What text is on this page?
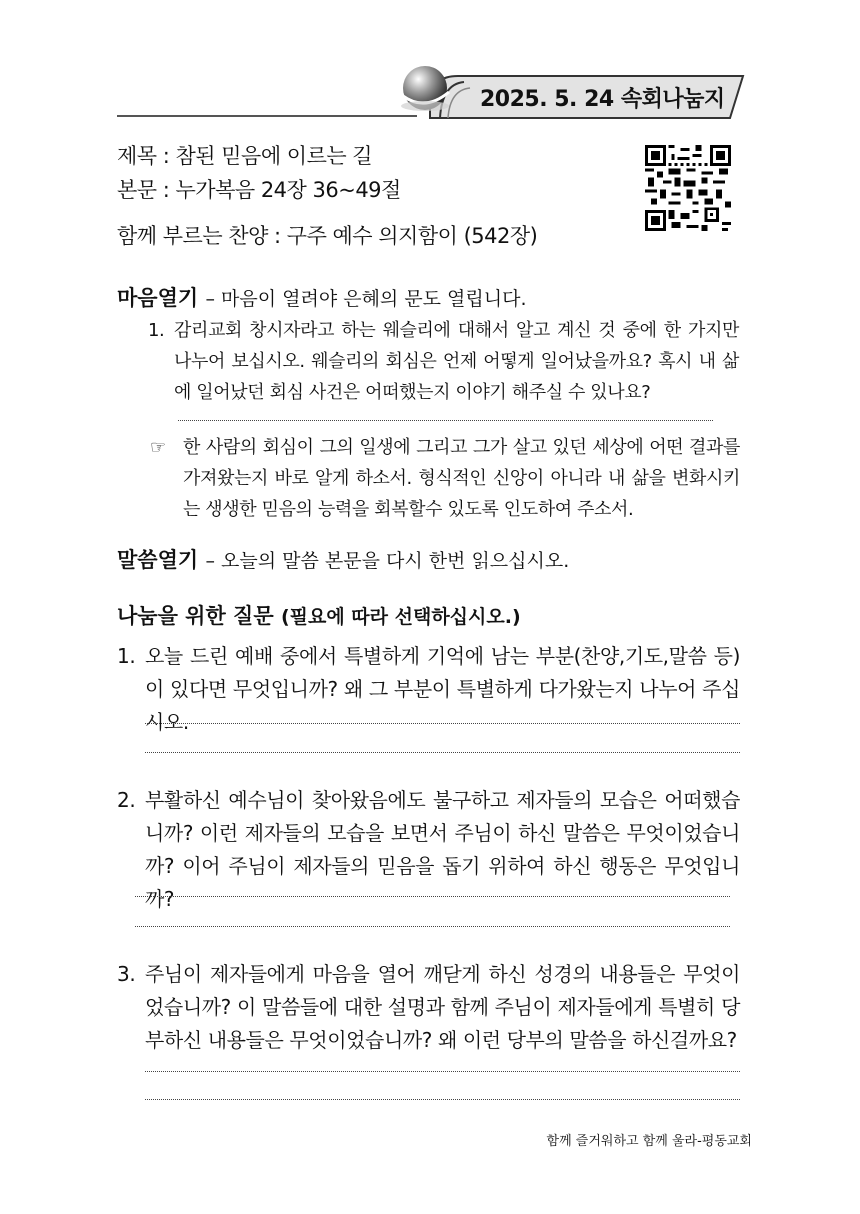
2025. 5. 24 속회나눔지
제목 : 참된 믿음에 이르는 길
본문 : 누가복음 24장 36~49절
함께 부르는 찬양 : 구주 예수 의지함이 (542장)
마음열기 – 마음이 열려야 은혜의 문도 열립니다.
1. 감리교회 창시자라고 하는 웨슬리에 대해서 알고 계신 것 중에 한 가지만 나누어 보십시오. 웨슬리의 회심은 언제 어떻게 일어났을까요? 혹시 내 삶에 일어났던 회심 사건은 어떠했는지 이야기 해주실 수 있나요?
☞ 한 사람의 회심이 그의 일생에 그리고 그가 살고 있던 세상에 어떤 결과를 가져왔는지 바로 알게 하소서. 형식적인 신앙이 아니라 내 삶을 변화시키는 생생한 믿음의 능력을 회복할수 있도록 인도하여 주소서.
말씀열기 – 오늘의 말씀 본문을 다시 한번 읽으십시오.
나눔을 위한 질문 (필요에 따라 선택하십시오.)
1. 오늘 드린 예배 중에서 특별하게 기억에 남는 부분(찬양,기도,말씀 등)이 있다면 무엇입니까? 왜 그 부분이 특별하게 다가왔는지 나누어 주십시오.
2. 부활하신 예수님이 찾아왔음에도 불구하고 제자들의 모습은 어떠했습니까? 이런 제자들의 모습을 보면서 주님이 하신 말씀은 무엇이었습니까? 이어 주님이 제자들의 믿음을 돕기 위하여 하신 행동은 무엇입니까?
3. 주님이 제자들에게 마음을 열어 깨닫게 하신 성경의 내용들은 무엇이었습니까? 이 말씀들에 대한 설명과 함께 주님이 제자들에게 특별히 당부하신 내용들은 무엇이었습니까? 왜 이런 당부의 말씀을 하신걸까요?
함께 즐거워하고 함께 울라-평동교회
